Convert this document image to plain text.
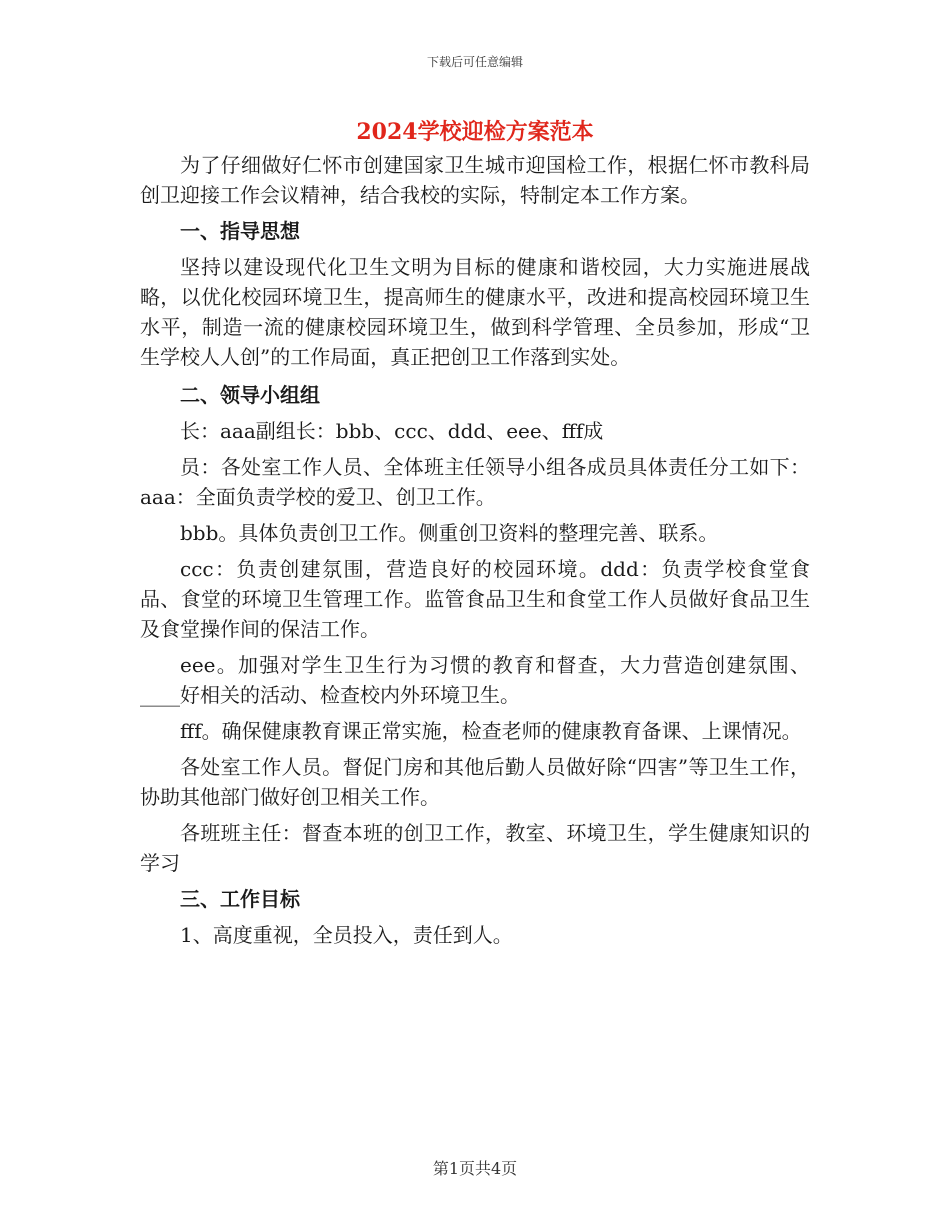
下载后可任意编辑
2024学校迎检方案范本

为了仔细做好仁怀市创建国家卫生城市迎国检工作，根据仁怀市教科局创卫迎接工作会议精神，结合我校的实际，特制定本工作方案。

一、指导思想

坚持以建设现代化卫生文明为目标的健康和谐校园，大力实施进展战略，以优化校园环境卫生，提高师生的健康水平，改进和提高校园环境卫生水平，制造一流的健康校园环境卫生，做到科学管理、全员参加，形成“卫生学校人人创”的工作局面，真正把创卫工作落到实处。

二、领导小组组

长：aaa副组长：bbb、ccc、ddd、eee、fff成

员：各处室工作人员、全体班主任领导小组各成员具体责任分工如下：aaa：全面负责学校的爱卫、创卫工作。

bbb。具体负责创卫工作。侧重创卫资料的整理完善、联系。

ccc：负责创建氛围，营造良好的校园环境。ddd：负责学校食堂食品、食堂的环境卫生管理工作。监管食品卫生和食堂工作人员做好食品卫生及食堂操作间的保洁工作。

eee。加强对学生卫生行为习惯的教育和督查，大力营造创建氛围、____好相关的活动、检查校内外环境卫生。

fff。确保健康教育课正常实施，检查老师的健康教育备课、上课情况。

各处室工作人员。督促门房和其他后勤人员做好除“四害”等卫生工作，协助其他部门做好创卫相关工作。

各班班主任：督查本班的创卫工作，教室、环境卫生，学生健康知识的学习

三、工作目标

1、高度重视，全员投入，责任到人。

第1页共4页
